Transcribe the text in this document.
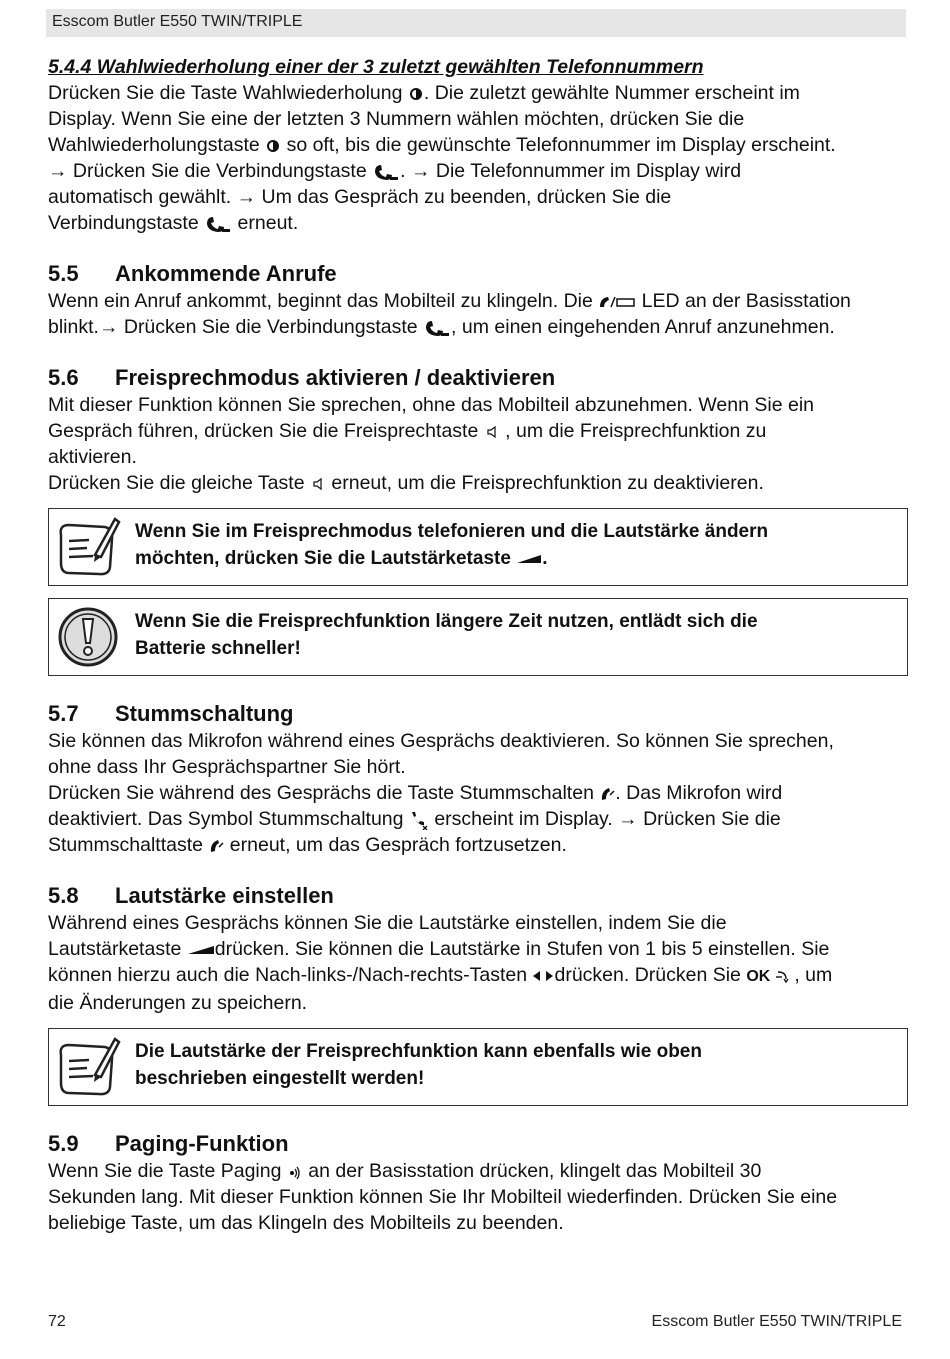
Esscom Butler E550 TWIN/TRIPLE

5.4.4 Wahlwiederholung einer der 3 zuletzt gewählten Telefonnummern

Drücken Sie die Taste Wahlwiederholung . Die zuletzt gewählte Nummer erscheint im
Display. Wenn Sie eine der letzten 3 Nummern wählen möchten, drücken Sie die
Wahlwiederholungstaste  so oft, bis die gewünschte Telefonnummer im Display erscheint.
→ Drücken Sie die Verbindungstaste . → Die Telefonnummer im Display wird
automatisch gewählt. → Um das Gespräch zu beenden, drücken Sie die
Verbindungstaste  erneut.

5.5	Ankommende Anrufe

Wenn ein Anruf ankommt, beginnt das Mobilteil zu klingeln. Die  LED an der Basisstation
blinkt.→ Drücken Sie die Verbindungstaste , um einen eingehenden Anruf anzunehmen.

5.6	Freisprechmodus aktivieren / deaktivieren

Mit dieser Funktion können Sie sprechen, ohne das Mobilteil abzunehmen. Wenn Sie ein
Gespräch führen, drücken Sie die Freisprechtaste  , um die Freisprechfunktion zu
aktivieren.
Drücken Sie die gleiche Taste  erneut, um die Freisprechfunktion zu deaktivieren.

Wenn Sie im Freisprechmodus telefonieren und die Lautstärke ändern
möchten, drücken Sie die Lautstärketaste .
Wenn Sie die Freisprechfunktion längere Zeit nutzen, entlädt sich die
Batterie schneller!
5.7	Stummschaltung

Sie können das Mikrofon während eines Gesprächs deaktivieren. So können Sie sprechen,
ohne dass Ihr Gesprächspartner Sie hört.
Drücken Sie während des Gesprächs die Taste Stummschalten . Das Mikrofon wird
deaktiviert. Das Symbol Stummschaltung  erscheint im Display. → Drücken Sie die
Stummschalttaste  erneut, um das Gespräch fortzusetzen.

5.8	Lautstärke einstellen

Während eines Gesprächs können Sie die Lautstärke einstellen, indem Sie die
Lautstärketaste drücken. Sie können die Lautstärke in Stufen von 1 bis 5 einstellen. Sie
können hierzu auch die Nach-links-/Nach-rechts-Tasten drücken. Drücken Sie OK , um
die Änderungen zu speichern.

Die Lautstärke der Freisprechfunktion kann ebenfalls wie oben
beschrieben eingestellt werden!
5.9	Paging-Funktion

Wenn Sie die Taste Paging  an der Basisstation drücken, klingelt das Mobilteil 30
Sekunden lang. Mit dieser Funktion können Sie Ihr Mobilteil wiederfinden. Drücken Sie eine
beliebige Taste, um das Klingeln des Mobilteils zu beenden.

72	Esscom Butler E550 TWIN/TRIPLE
